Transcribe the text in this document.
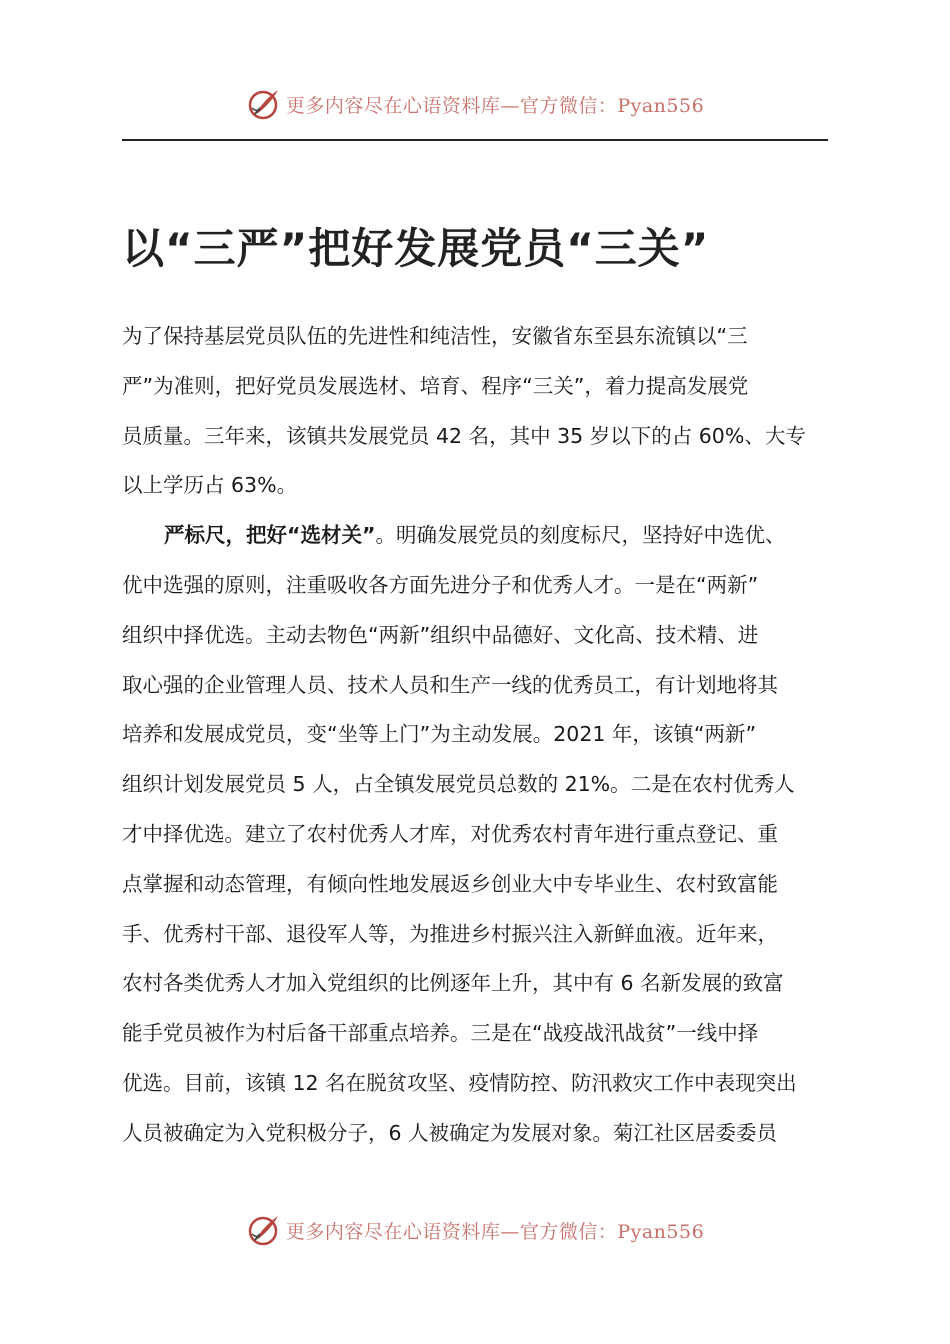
更多内容尽在心语资料库—官方微信：Pyan556
以“三严”把好发展党员“三关”
为了保持基层党员队伍的先进性和纯洁性，安徽省东至县东流镇以“三
严”为准则，把好党员发展选材、培育、程序“三关”，着力提高发展党
员质量。三年来，该镇共发展党员 42 名，其中 35 岁以下的占 60%、大专
以上学历占 63%。
严标尺，把好“选材关”。明确发展党员的刻度标尺，坚持好中选优、
优中选强的原则，注重吸收各方面先进分子和优秀人才。一是在“两新”
组织中择优选。主动去物色“两新”组织中品德好、文化高、技术精、进
取心强的企业管理人员、技术人员和生产一线的优秀员工，有计划地将其
培养和发展成党员，变“坐等上门”为主动发展。2021 年，该镇“两新”
组织计划发展党员 5 人，占全镇发展党员总数的 21%。二是在农村优秀人
才中择优选。建立了农村优秀人才库，对优秀农村青年进行重点登记、重
点掌握和动态管理，有倾向性地发展返乡创业大中专毕业生、农村致富能
手、优秀村干部、退役军人等，为推进乡村振兴注入新鲜血液。近年来，
农村各类优秀人才加入党组织的比例逐年上升，其中有 6 名新发展的致富
能手党员被作为村后备干部重点培养。三是在“战疫战汛战贫”一线中择
优选。目前，该镇 12 名在脱贫攻坚、疫情防控、防汛救灾工作中表现突出
人员被确定为入党积极分子，6 人被确定为发展对象。菊江社区居委委员
更多内容尽在心语资料库—官方微信：Pyan556
